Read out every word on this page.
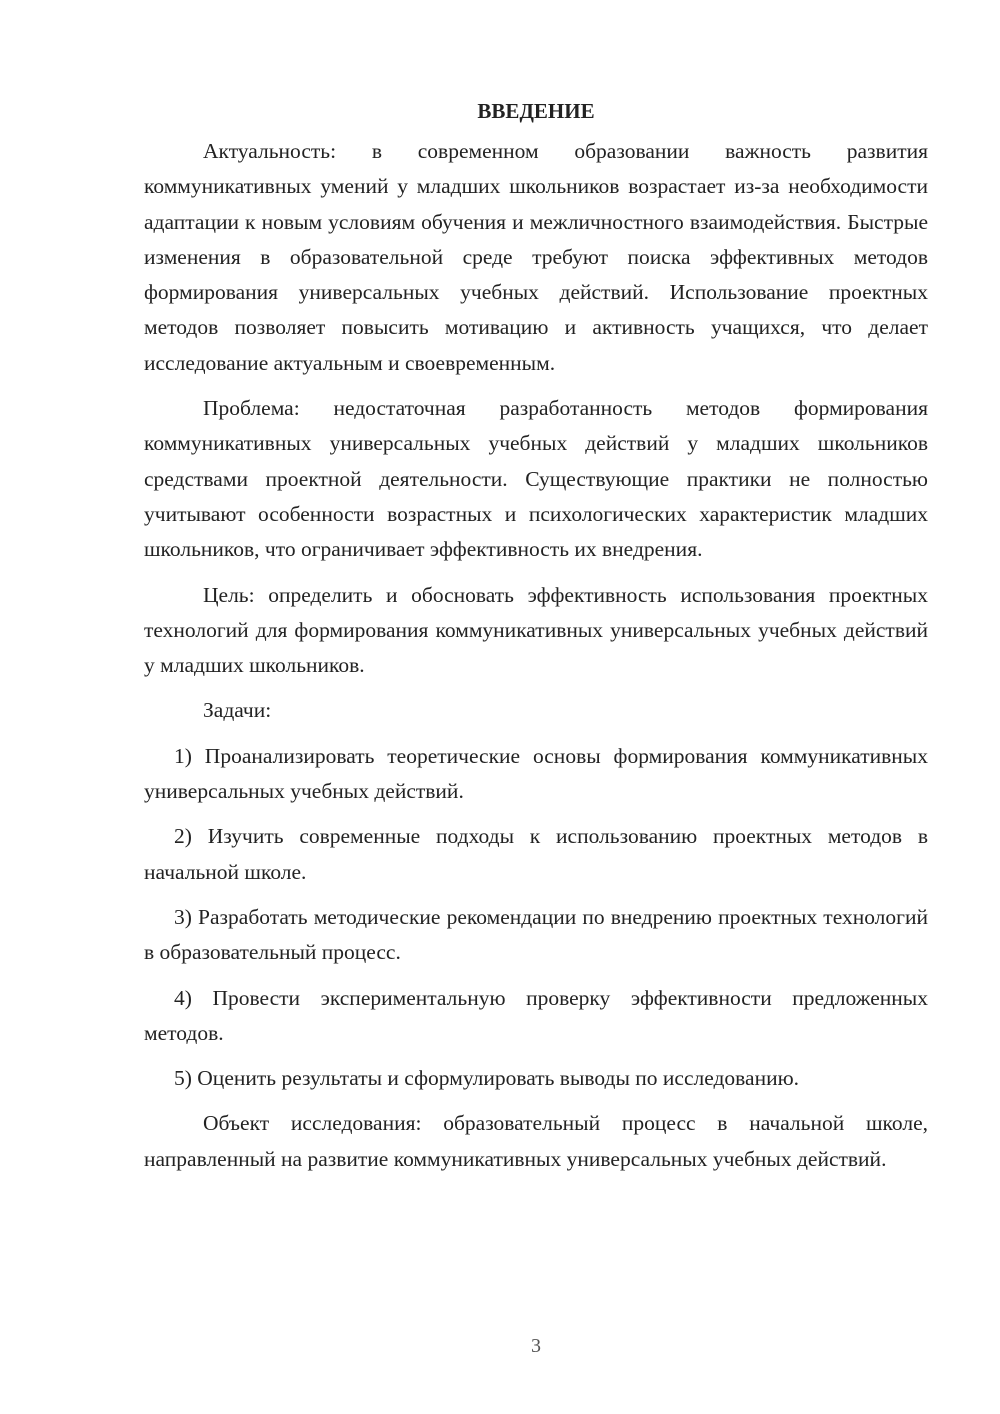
ВВЕДЕНИЕ

Актуальность: в современном образовании важность развития коммуникативных умений у младших школьников возрастает из-за необходимости адаптации к новым условиям обучения и межличностного взаимодействия. Быстрые изменения в образовательной среде требуют поиска эффективных методов формирования универсальных учебных действий. Использование проектных методов позволяет повысить мотивацию и активность учащихся, что делает исследование актуальным и своевременным.

Проблема: недостаточная разработанность методов формирования коммуникативных универсальных учебных действий у младших школьников средствами проектной деятельности. Существующие практики не полностью учитывают особенности возрастных и психологических характеристик младших школьников, что ограничивает эффективность их внедрения.

Цель: определить и обосновать эффективность использования проектных технологий для формирования коммуникативных универсальных учебных действий у младших школьников.

Задачи:

1) Проанализировать теоретические основы формирования коммуникативных универсальных учебных действий.

2) Изучить современные подходы к использованию проектных методов в начальной школе.

3) Разработать методические рекомендации по внедрению проектных технологий в образовательный процесс.

4) Провести экспериментальную проверку эффективности предложенных методов.

5) Оценить результаты и сформулировать выводы по исследованию.

Объект исследования: образовательный процесс в начальной школе, направленный на развитие коммуникативных универсальных учебных действий.

3
